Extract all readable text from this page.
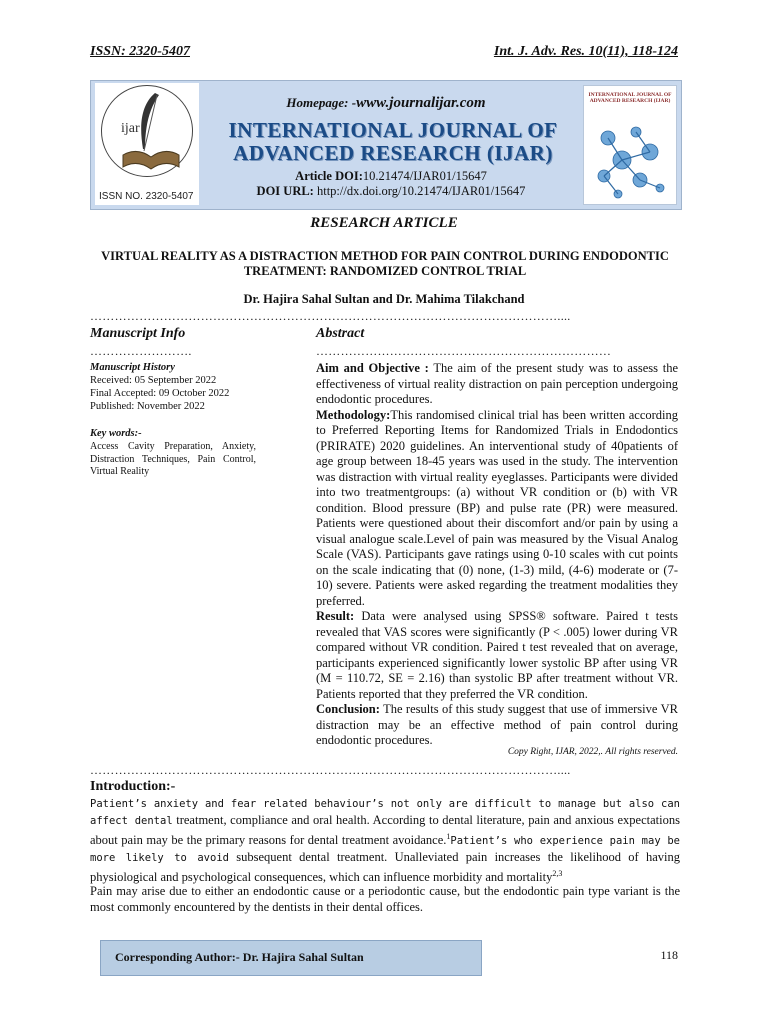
ISSN: 2320-5407	Int. J. Adv. Res. 10(11), 118-124
ijar
ISSN NO. 2320-5407
Homepage: -www.journalijar.com
INTERNATIONAL JOURNAL OF
ADVANCED RESEARCH (IJAR)
Article DOI:10.21474/IJAR01/15647
DOI URL: http://dx.doi.org/10.21474/IJAR01/15647
INTERNATIONAL JOURNAL OF ADVANCED RESEARCH (IJAR)
RESEARCH ARTICLE
VIRTUAL REALITY AS A DISTRACTION METHOD FOR PAIN CONTROL DURING ENDODONTIC TREATMENT: RANDOMIZED CONTROL TRIAL
Dr. Hajira Sahal Sultan and Dr. Mahima Tilakchand
……………………………………………………………………………………………………....
Manuscript Info
…………………….
Abstract
………………………………………………………………
Manuscript History
Received: 05 September 2022
Final Accepted: 09 October 2022
Published: November 2022
Key words:-
Access Cavity Preparation, Anxiety, Distraction Techniques, Pain Control, Virtual Reality

Aim and Objective : The aim of the present study was to assess the effectiveness of virtual reality distraction on pain perception undergoing endodontic procedures.

Methodology:This randomised clinical trial has been written according to Preferred Reporting Items for Randomized Trials in Endodontics (PRIRATE) 2020 guidelines. An interventional study of 40patients of age group between 18-45 years was used in the study. The intervention was distraction with virtual reality eyeglasses. Participants were divided into two treatmentgroups: (a) without VR condition or (b) with VR condition. Blood pressure (BP) and pulse rate (PR) were measured. Patients were questioned about their discomfort and/or pain by using a visual analogue scale.Level of pain was measured by the Visual Analog Scale (VAS). Participants gave ratings using 0-10 scales with cut points on the scale indicating that (0) none, (1-3) mild, (4-6) moderate or (7-10) severe. Patients were asked regarding the treatment modalities they preferred.

Result: Data were analysed using SPSS® software. Paired t tests revealed that VAS scores were significantly (P < .005) lower during VR compared without VR condition. Paired t test revealed that on average, participants experienced significantly lower systolic BP after using VR (M = 110.72, SE = 2.16) than systolic BP after treatment without VR. Patients reported that they preferred the VR condition.

Conclusion: The results of this study suggest that use of immersive VR distraction may be an effective method of pain control during endodontic procedures.

Copy Right, IJAR, 2022,. All rights reserved.
……………………………………………………………………………………………………....
Introduction:-
Patient’s anxiety and fear related behaviour’s not only are difficult to manage but also can affect dental treatment, compliance and oral health. According to dental literature, pain and anxious expectations about pain may be the primary reasons for dental treatment avoidance.$^1$Patient’s who experience pain may be more likely to avoid subsequent dental treatment. Unalleviated pain increases the likelihood of having physiological and psychological consequences, which can influence morbidity and mortality$^{2,3}$
Pain may arise due to either an endodontic cause or a periodontic cause, but the endodontic pain type variant is the most commonly encountered by the dentists in their dental offices.
Corresponding Author:- Dr. Hajira Sahal Sultan	118
